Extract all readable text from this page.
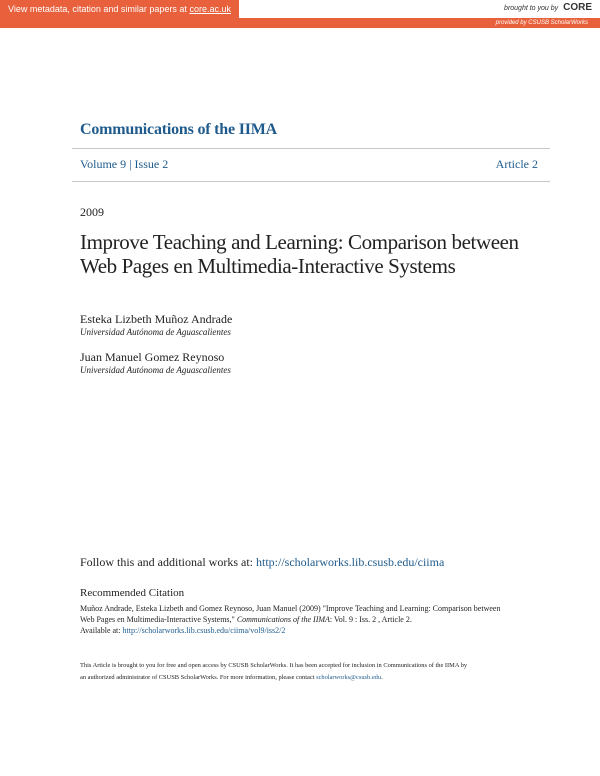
View metadata, citation and similar papers at core.ac.uk	brought to you by CORE
provided by CSUSB ScholarWorks
Communications of the IIMA
Volume 9 | Issue 2	Article 2
2009
Improve Teaching and Learning: Comparison between Web Pages en Multimedia-Interactive Systems
Esteka Lizbeth Muñoz Andrade
Universidad Autónoma de Aguascalientes
Juan Manuel Gomez Reynoso
Universidad Autónoma de Aguascalientes
Follow this and additional works at: http://scholarworks.lib.csusb.edu/ciima
Recommended Citation
Muñoz Andrade, Esteka Lizbeth and Gomez Reynoso, Juan Manuel (2009) "Improve Teaching and Learning: Comparison between
Web Pages en Multimedia-Interactive Systems," Communications of the IIMA: Vol. 9 : Iss. 2 , Article 2.
Available at: http://scholarworks.lib.csusb.edu/ciima/vol9/iss2/2
This Article is brought to you for free and open access by CSUSB ScholarWorks. It has been accepted for inclusion in Communications of the IIMA by
an authorized administrator of CSUSB ScholarWorks. For more information, please contact scholarworks@csusb.edu.
